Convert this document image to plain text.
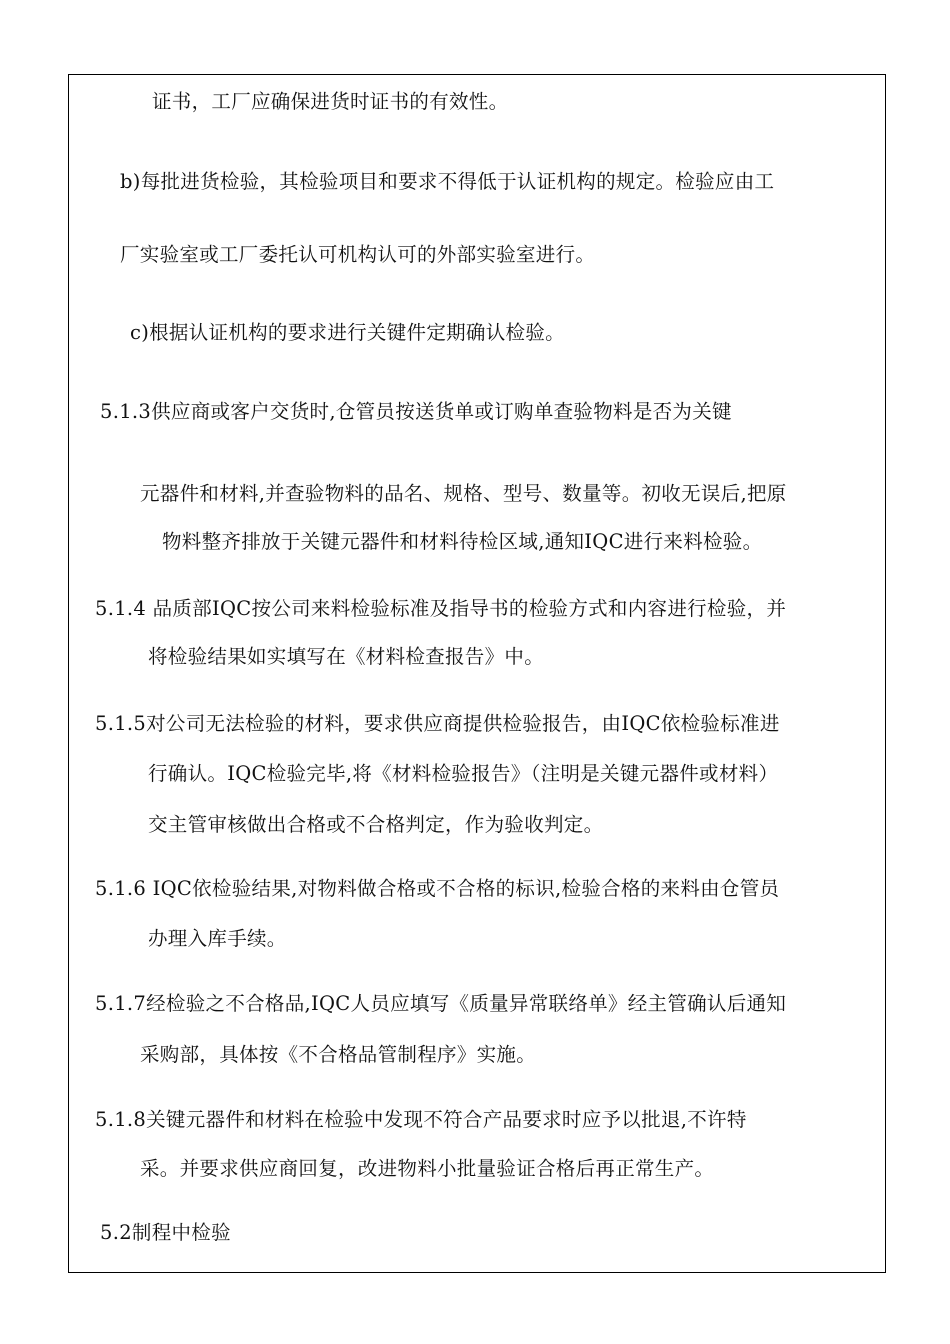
证书，工厂应确保进货时证书的有效性。
b)每批进货检验，其检验项目和要求不得低于认证机构的规定。检验应由工
厂实验室或工厂委托认可机构认可的外部实验室进行。
c)根据认证机构的要求进行关键件定期确认检验。
5.1.3供应商或客户交货时,仓管员按送货单或订购单查验物料是否为关键
元器件和材料,并查验物料的品名、规格、型号、数量等。初收无误后,把原
物料整齐排放于关键元器件和材料待检区域,通知IQC进行来料检验。
5.1.4 品质部IQC按公司来料检验标准及指导书的检验方式和内容进行检验，并
将检验结果如实填写在《材料检查报告》中。
5.1.5对公司无法检验的材料，要求供应商提供检验报告，由IQC依检验标准进
行确认。IQC检验完毕,将《材料检验报告》（注明是关键元器件或材料）
交主管审核做出合格或不合格判定，作为验收判定。
5.1.6 IQC依检验结果,对物料做合格或不合格的标识,检验合格的来料由仓管员
办理入库手续。
5.1.7经检验之不合格品,IQC人员应填写《质量异常联络单》经主管确认后通知
采购部，具体按《不合格品管制程序》实施。
5.1.8关键元器件和材料在检验中发现不符合产品要求时应予以批退,不许特
采。并要求供应商回复，改进物料小批量验证合格后再正常生产。
5.2制程中检验
